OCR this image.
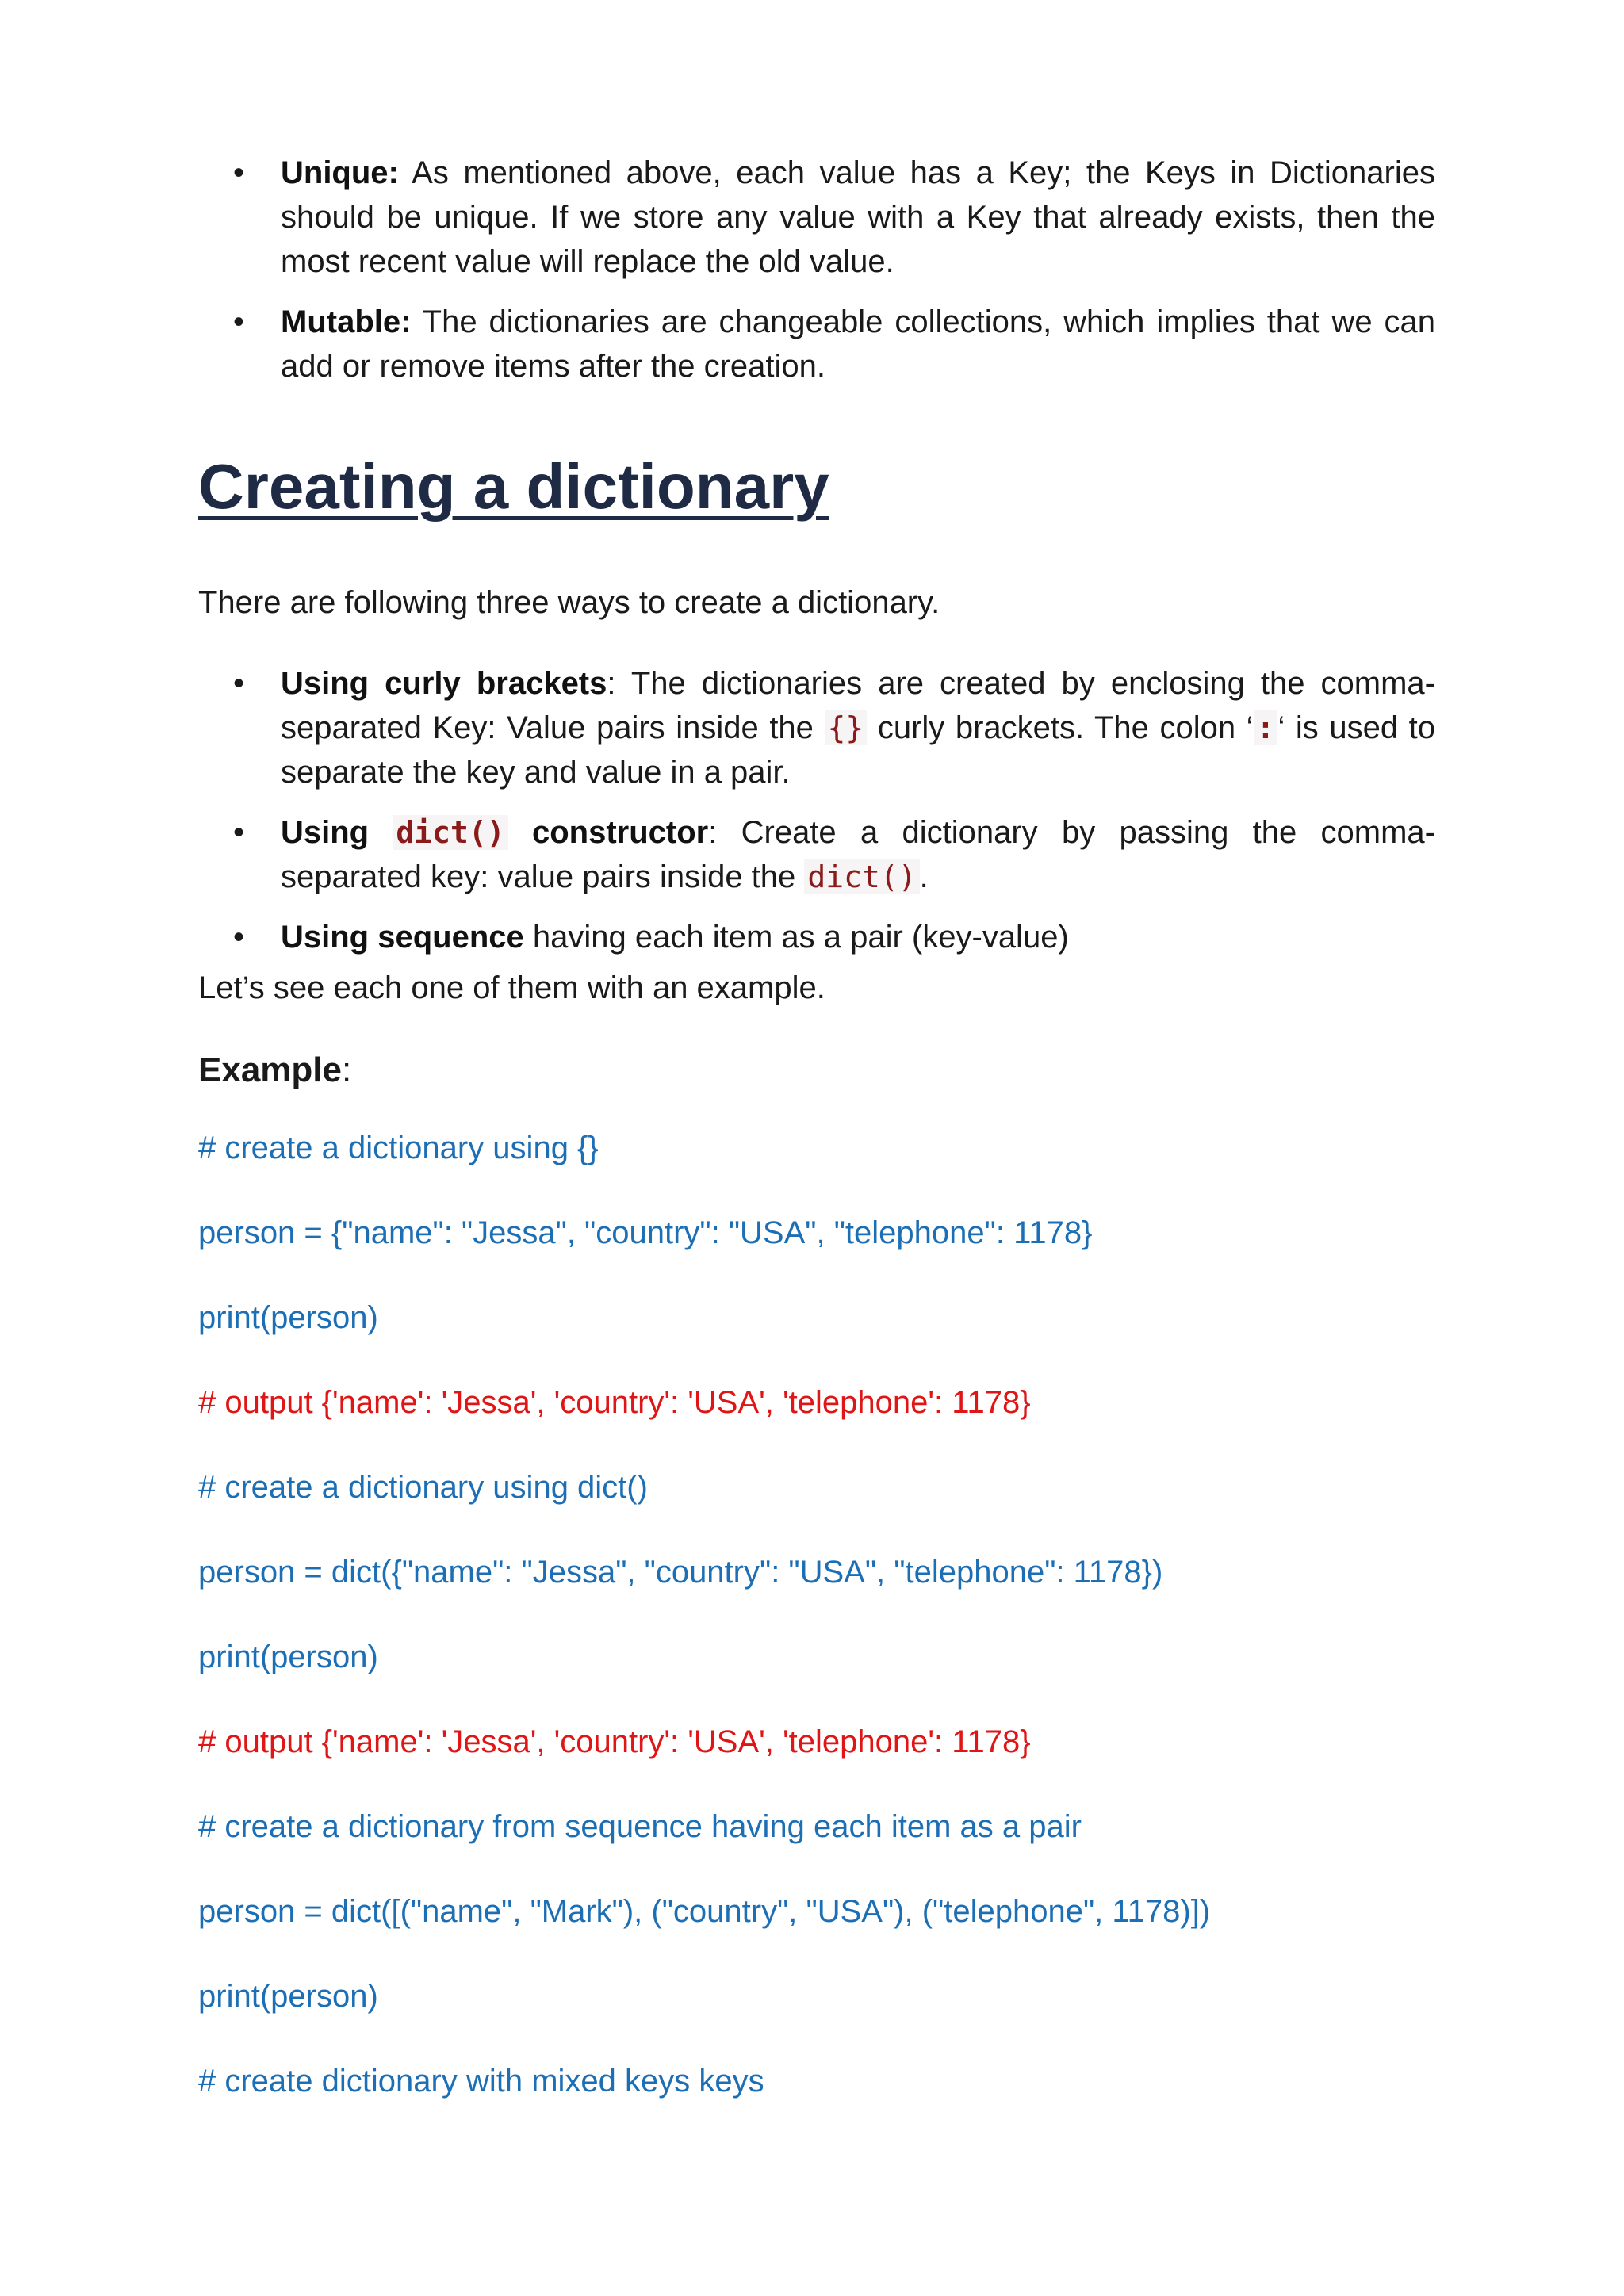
• Unique: As mentioned above, each value has a Key; the Keys in Dictionaries should be unique. If we store any value with a Key that already exists, then the most recent value will replace the old value.
• Mutable: The dictionaries are changeable collections, which implies that we can add or remove items after the creation.
Creating a dictionary

There are following three ways to create a dictionary.

• Using curly brackets: The dictionaries are created by enclosing the comma-separated Key: Value pairs inside the {} curly brackets. The colon ‘ : ‘ is used to separate the key and value in a pair.
• Using dict() constructor: Create a dictionary by passing the comma-separated key: value pairs inside the dict() .
• Using sequence having each item as a pair (key-value)

Let’s see each one of them with an example.

Example:
# create a dictionary using {}
person = {"name": "Jessa", "country": "USA", "telephone": 1178}
print(person)
# output {'name': 'Jessa', 'country': 'USA', 'telephone': 1178}
# create a dictionary using dict()
person = dict({"name": "Jessa", "country": "USA", "telephone": 1178})
print(person)
# output {'name': 'Jessa', 'country': 'USA', 'telephone': 1178}
# create a dictionary from sequence having each item as a pair
person = dict([("name", "Mark"), ("country", "USA"), ("telephone", 1178)])
print(person)
# create dictionary with mixed keys keys
